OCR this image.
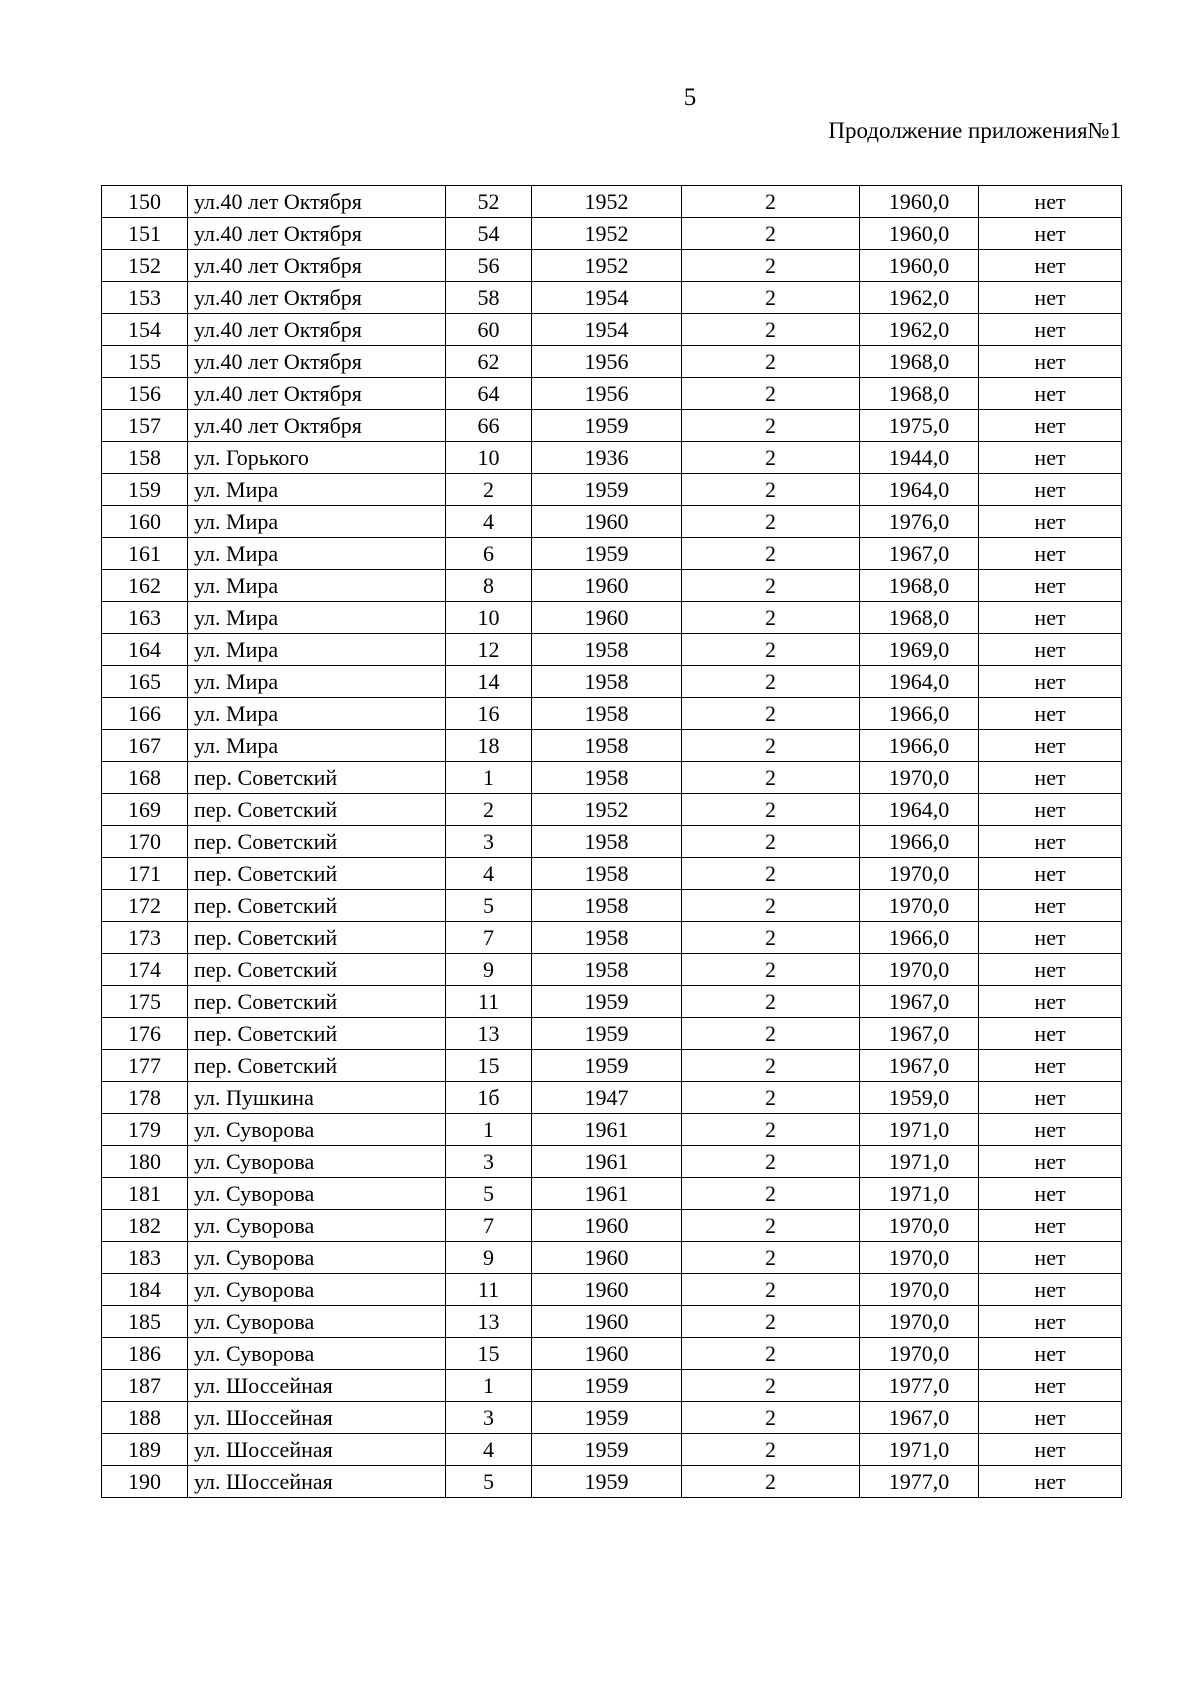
5
Продолжение приложения№1
150	ул.40 лет Октября	52	1952	2	1960,0	нет
151	ул.40 лет Октября	54	1952	2	1960,0	нет
152	ул.40 лет Октября	56	1952	2	1960,0	нет
153	ул.40 лет Октября	58	1954	2	1962,0	нет
154	ул.40 лет Октября	60	1954	2	1962,0	нет
155	ул.40 лет Октября	62	1956	2	1968,0	нет
156	ул.40 лет Октября	64	1956	2	1968,0	нет
157	ул.40 лет Октября	66	1959	2	1975,0	нет
158	ул. Горького	10	1936	2	1944,0	нет
159	ул. Мира	2	1959	2	1964,0	нет
160	ул. Мира	4	1960	2	1976,0	нет
161	ул. Мира	6	1959	2	1967,0	нет
162	ул. Мира	8	1960	2	1968,0	нет
163	ул. Мира	10	1960	2	1968,0	нет
164	ул. Мира	12	1958	2	1969,0	нет
165	ул. Мира	14	1958	2	1964,0	нет
166	ул. Мира	16	1958	2	1966,0	нет
167	ул. Мира	18	1958	2	1966,0	нет
168	пер. Советский	1	1958	2	1970,0	нет
169	пер. Советский	2	1952	2	1964,0	нет
170	пер. Советский	3	1958	2	1966,0	нет
171	пер. Советский	4	1958	2	1970,0	нет
172	пер. Советский	5	1958	2	1970,0	нет
173	пер. Советский	7	1958	2	1966,0	нет
174	пер. Советский	9	1958	2	1970,0	нет
175	пер. Советский	11	1959	2	1967,0	нет
176	пер. Советский	13	1959	2	1967,0	нет
177	пер. Советский	15	1959	2	1967,0	нет
178	ул. Пушкина	1б	1947	2	1959,0	нет
179	ул. Суворова	1	1961	2	1971,0	нет
180	ул. Суворова	3	1961	2	1971,0	нет
181	ул. Суворова	5	1961	2	1971,0	нет
182	ул. Суворова	7	1960	2	1970,0	нет
183	ул. Суворова	9	1960	2	1970,0	нет
184	ул. Суворова	11	1960	2	1970,0	нет
185	ул. Суворова	13	1960	2	1970,0	нет
186	ул. Суворова	15	1960	2	1970,0	нет
187	ул. Шоссейная	1	1959	2	1977,0	нет
188	ул. Шоссейная	3	1959	2	1967,0	нет
189	ул. Шоссейная	4	1959	2	1971,0	нет
190	ул. Шоссейная	5	1959	2	1977,0	нет
